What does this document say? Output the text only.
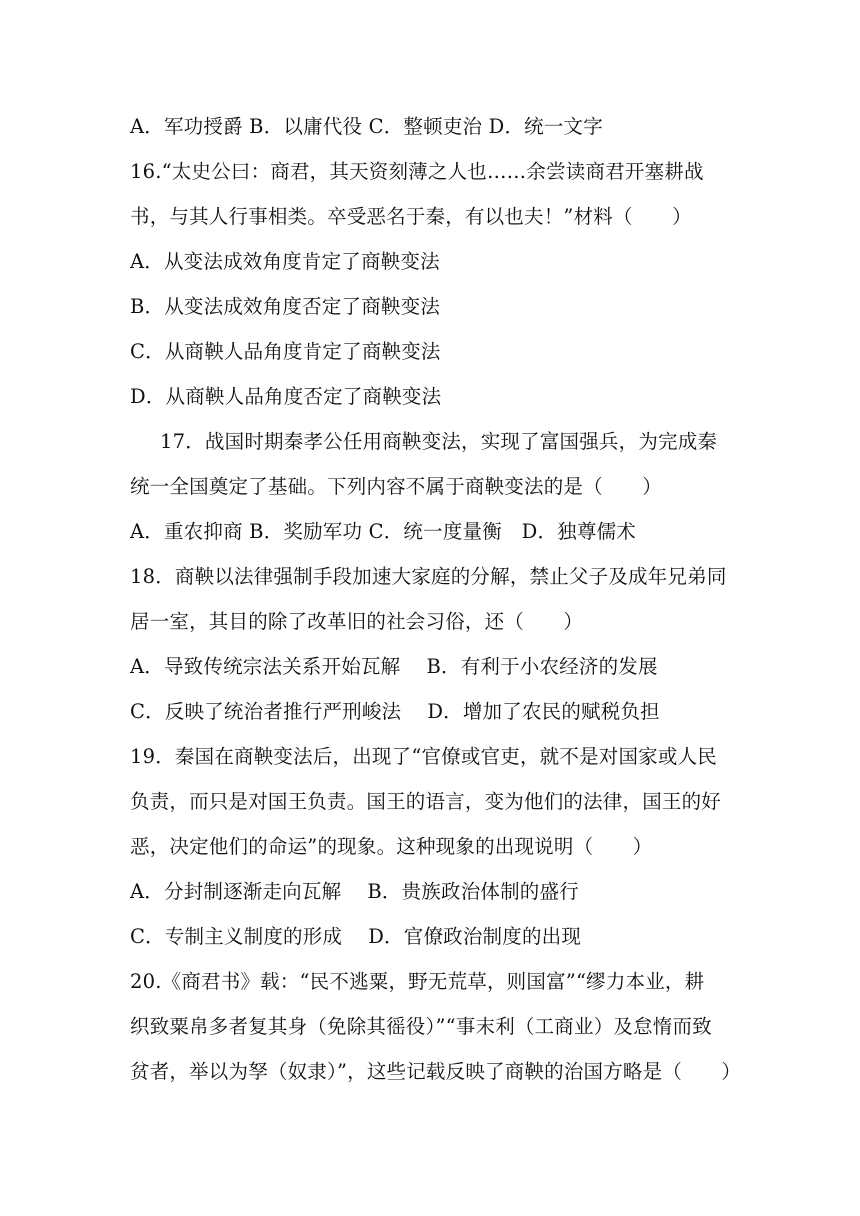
A．军功授爵 B．以庸代役 C．整顿吏治 D．统一文字
16.“太史公曰：商君，其天资刻薄之人也……余尝读商君开塞耕战
书，与其人行事相类。卒受恶名于秦，有以也夫！”材料（　　）
A．从变法成效角度肯定了商鞅变法
B．从变法成效角度否定了商鞅变法
C．从商鞅人品角度肯定了商鞅变法
D．从商鞅人品角度否定了商鞅变法
17．战国时期秦孝公任用商鞅变法，实现了富国强兵，为完成秦
统一全国奠定了基础。下列内容不属于商鞅变法的是（　　）
A．重农抑商 B．奖励军功 C．统一度量衡　D．独尊儒术
18．商鞅以法律强制手段加速大家庭的分解，禁止父子及成年兄弟同
居一室，其目的除了改革旧的社会习俗，还（　　）
A．导致传统宗法关系开始瓦解　 B．有利于小农经济的发展
C．反映了统治者推行严刑峻法　 D．增加了农民的赋税负担
19．秦国在商鞅变法后，出现了“官僚或官吏，就不是对国家或人民
负责，而只是对国王负责。国王的语言，变为他们的法律，国王的好
恶，决定他们的命运”的现象。这种现象的出现说明（　　）
A．分封制逐渐走向瓦解　 B．贵族政治体制的盛行
C．专制主义制度的形成　 D．官僚政治制度的出现
20.《商君书》载：“民不逃粟，野无荒草，则国富”“缪力本业，耕
织致粟帛多者复其身（免除其徭役）”“事末利（工商业）及怠惰而致
贫者，举以为孥（奴隶）”，这些记载反映了商鞅的治国方略是（　　）
